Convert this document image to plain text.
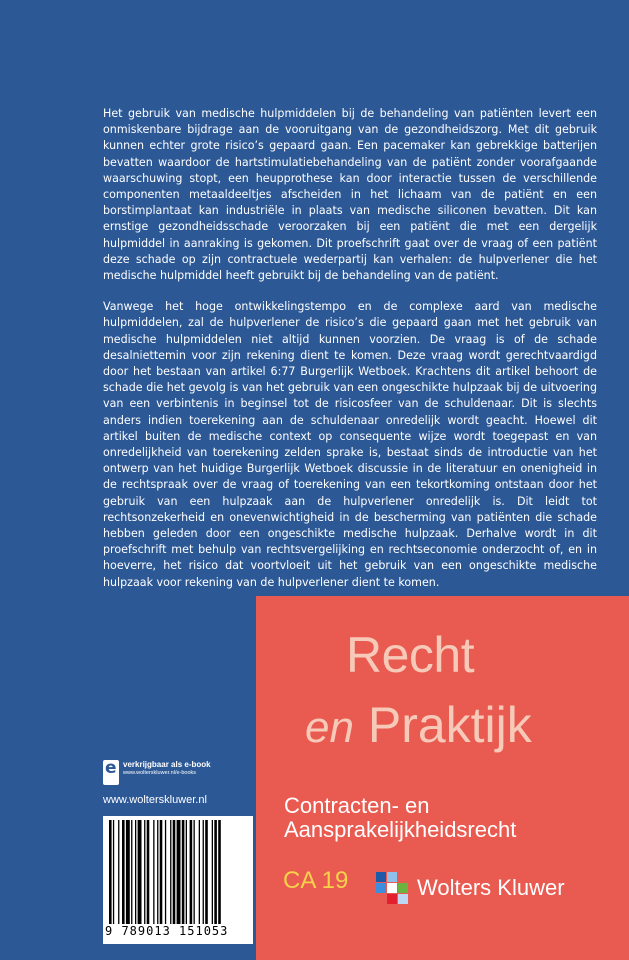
Het gebruik van medische hulpmiddelen bij de behandeling van patiënten levert een onmiskenbare bijdrage aan de vooruitgang van de gezondheidszorg. Met dit gebruik kunnen echter grote risico’s gepaard gaan. Een pacemaker kan gebrekkige batterijen bevatten waardoor de hartstimulatiebehandeling van de patiënt zonder voorafgaande waarschuwing stopt, een heupprothese kan door interactie tussen de verschillende componenten metaaldeeltjes afscheiden in het lichaam van de patiënt en een borstimplantaat kan industriële in plaats van medische siliconen bevatten. Dit kan ernstige gezondheidsschade veroorzaken bij een patiënt die met een dergelijk hulpmiddel in aanraking is gekomen. Dit proefschrift gaat over de vraag of een patiënt deze schade op zijn contractuele wederpartij kan verhalen: de hulpverlener die het medische hulpmiddel heeft gebruikt bij de behandeling van de patiënt.

Vanwege het hoge ontwikkelingstempo en de complexe aard van medische hulpmiddelen, zal de hulpverlener de risico’s die gepaard gaan met het gebruik van medische hulpmiddelen niet altijd kunnen voorzien. De vraag is of de schade desalniettemin voor zijn rekening dient te komen. Deze vraag wordt gerechtvaardigd door het bestaan van artikel 6:77 Burgerlijk Wetboek. Krachtens dit artikel behoort de schade die het gevolg is van het gebruik van een ongeschikte hulpzaak bij de uitvoering van een verbintenis in beginsel tot de risicosfeer van de schuldenaar. Dit is slechts anders indien toerekening aan de schuldenaar onredelijk wordt geacht. Hoewel dit artikel buiten de medische context op consequente wijze wordt toegepast en van onredelijkheid van toerekening zelden sprake is, bestaat sinds de introductie van het ontwerp van het huidige Burgerlijk Wetboek discussie in de literatuur en onenigheid in de rechtspraak over de vraag of toerekening van een tekortkoming ontstaan door het gebruik van een hulpzaak aan de hulpverlener onredelijk is. Dit leidt tot rechtsonzekerheid en onevenwichtigheid in de bescherming van patiënten die schade hebben geleden door een ongeschikte medische hulpzaak. Derhalve wordt in dit proefschrift met behulp van rechtsvergelijking en rechtseconomie onderzocht of, en in hoeverre, het risico dat voortvloeit uit het gebruik van een ongeschikte medische hulpzaak voor rekening van de hulpverlener dient te komen.

e verkrijgbaar als e-book
www.wolterskluwer.nl/e-books
www.wolterskluwer.nl
9 789013 151053
Recht
en Praktijk
Contracten- en
Aansprakelijkheidsrecht
CA 19	Wolters Kluwer
